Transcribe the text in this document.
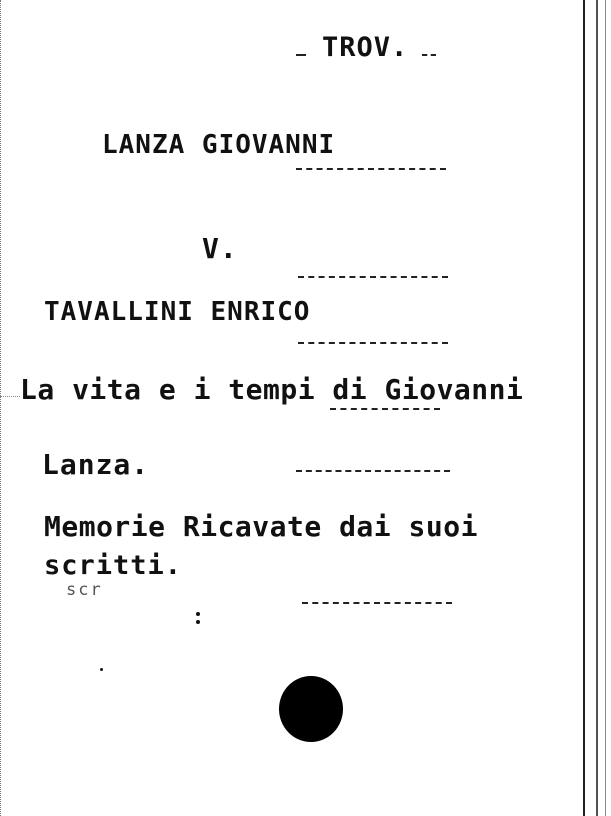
TROV.
LANZA GIOVANNI
V.
TAVALLINI ENRICO
La vita e i tempi di Giovanni
Lanza.
Memorie Ricavate dai suoi
scritti.
scr
